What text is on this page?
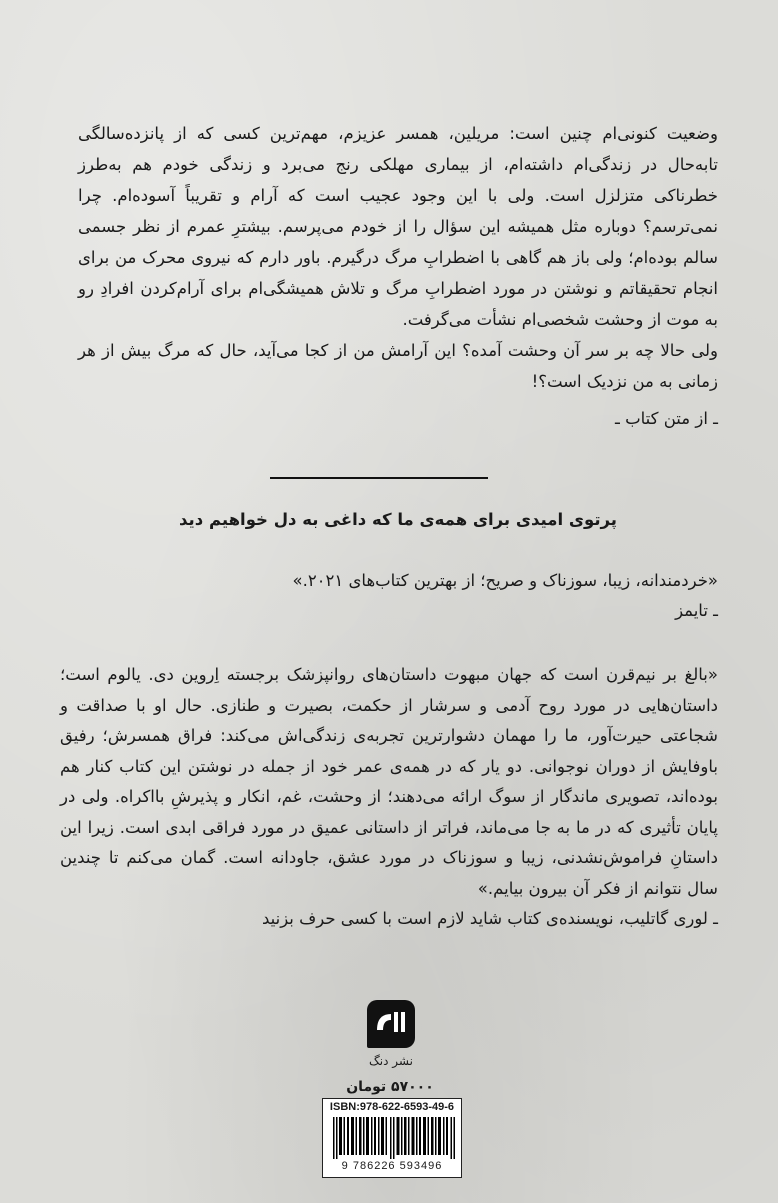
وضعیت کنونی‌ام چنین است: مریلین، همسر عزیزم، مهم‌ترین کسی که از پانزده‌سالگی تابه‌حال در زندگی‌ام داشته‌ام، از بیماری مهلکی رنج می‌برد و زندگی خودم هم به‌طرز خطرناکی متزلزل است. ولی با این وجود عجیب است که آرام و تقریباً آسوده‌ام. چرا نمی‌ترسم؟ دوباره مثل همیشه این سؤال را از خودم می‌پرسم. بیشترِ عمرم از نظر جسمی سالم بوده‌ام؛ ولی باز هم گاهی با اضطرابِ مرگ درگیرم. باور دارم که نیروی محرک من برای انجام تحقیقاتم و نوشتن در مورد اضطرابِ مرگ و تلاش همیشگی‌ام برای آرام‌کردن افرادِ رو به موت از وحشت شخصی‌ام نشأت می‌گرفت.

ولی حالا چه بر سر آن وحشت آمده؟ این آرامش من از کجا می‌آید، حال که مرگ بیش از هر زمانی به من نزدیک است؟!

ـ از متن کتاب ـ

پرتوی امیدی برای همه‌ی ما که داغی به دل خواهیم دید

«خردمندانه، زیبا، سوزناک و صریح؛ از بهترین کتاب‌های ۲۰۲۱.»

ـ تایمز

«بالغ بر نیم‌قرن است که جهان مبهوت داستان‌های روانپزشک برجسته اِروین دی. یالوم است؛ داستان‌هایی در مورد روح آدمی و سرشار از حکمت، بصیرت و طنازی. حال او با صداقت و شجاعتی حیرت‌آور، ما را مهمان دشوارترین تجربه‌ی زندگی‌اش می‌کند: فراق همسرش؛ رفیق باوفایش از دوران نوجوانی. دو یار که در همه‌ی عمر خود از جمله در نوشتن این کتاب کنار هم بوده‌اند، تصویری ماندگار از سوگ ارائه می‌دهند؛ از وحشت، غم، انکار و پذیرشِ بااکراه. ولی در پایان تأثیری که در ما به جا می‌ماند، فراتر از داستانی عمیق در مورد فراقی ابدی است. زیرا این داستانِ فراموش‌نشدنی، زیبا و سوزناک در مورد عشق، جاودانه است. گمان می‌کنم تا چندین سال نتوانم از فکر آن بیرون بیایم.»

ـ لوری گاتلیب، نویسنده‌ی کتاب شاید لازم است با کسی حرف بزنید

نشر دنگ
۵۷۰۰۰ تومان
ISBN:978-622-6593-49-6
9 786226 593496
